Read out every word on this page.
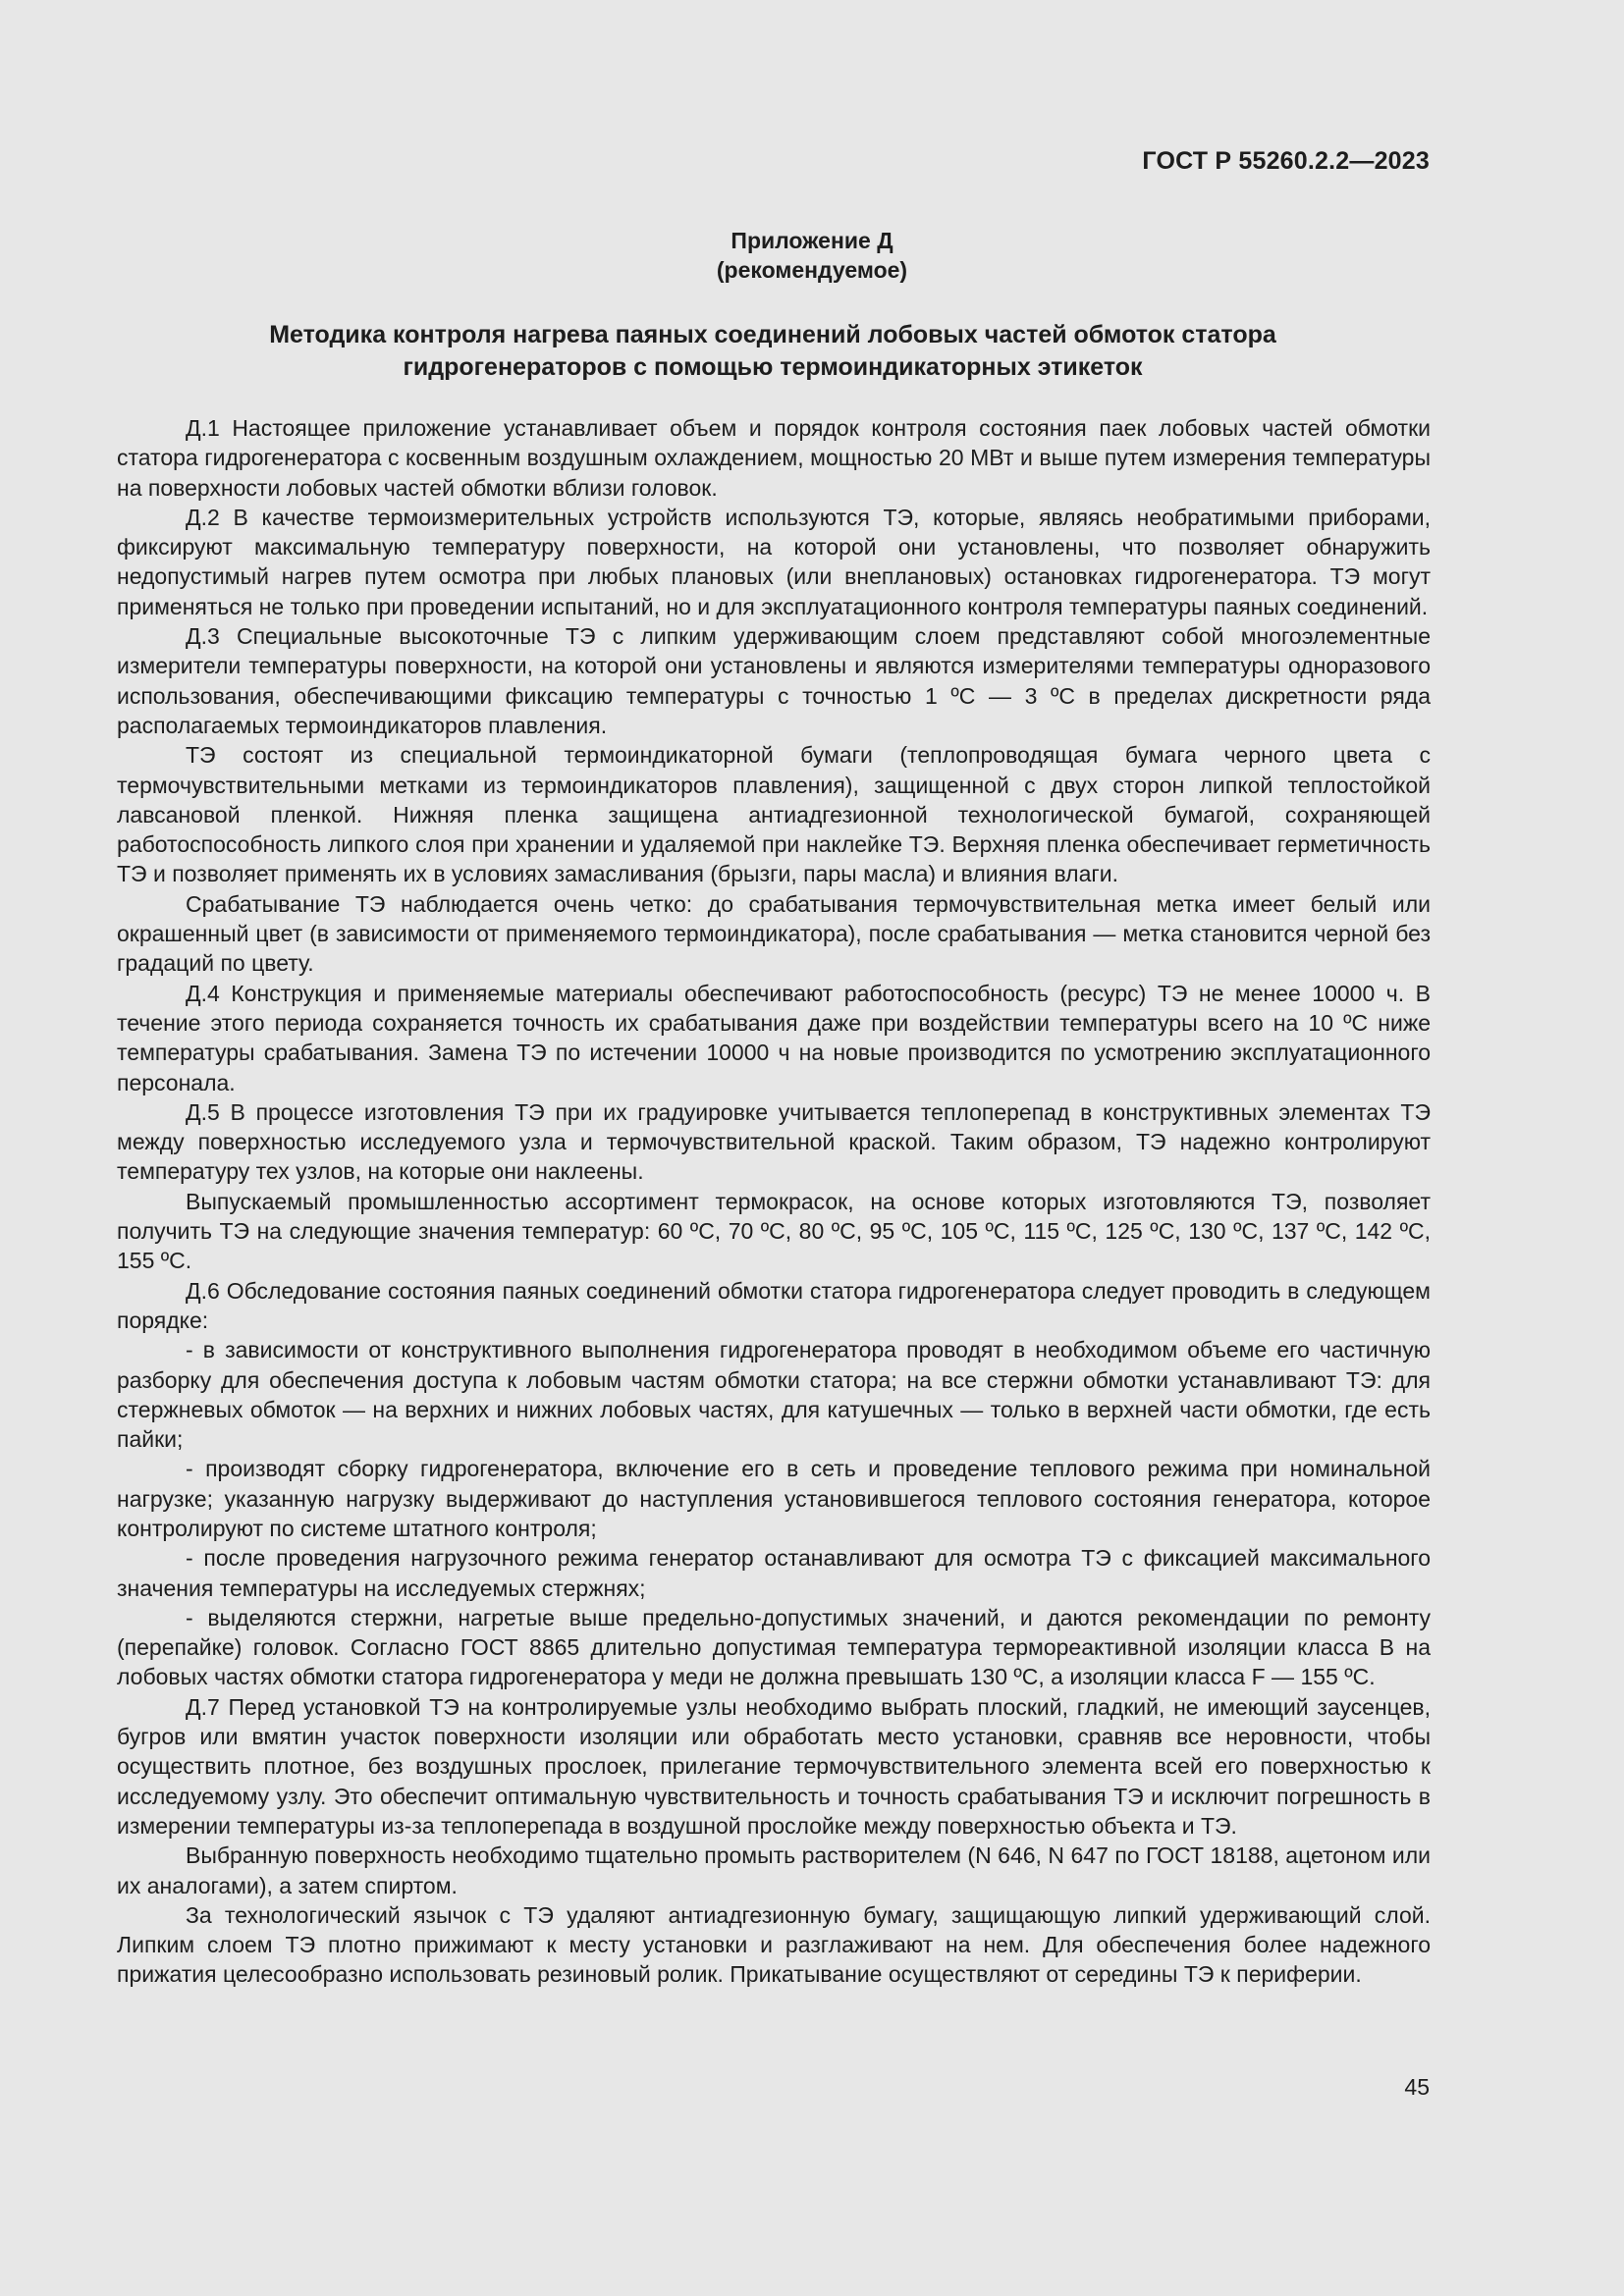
ГОСТ Р 55260.2.2—2023
Приложение Д
(рекомендуемое)
Методика контроля нагрева паяных соединений лобовых частей обмоток статора
гидрогенераторов с помощью термоиндикаторных этикеток

Д.1 Настоящее приложение устанавливает объем и порядок контроля состояния паек лобовых частей обмотки статора гидрогенератора с косвенным воздушным охлаждением, мощностью 20 МВт и выше путем измерения температуры на поверхности лобовых частей обмотки вблизи головок.

Д.2 В качестве термоизмерительных устройств используются ТЭ, которые, являясь необратимыми приборами, фиксируют максимальную температуру поверхности, на которой они установлены, что позволяет обнаружить недопустимый нагрев путем осмотра при любых плановых (или внеплановых) остановках гидрогенератора. ТЭ могут применяться не только при проведении испытаний, но и для эксплуатационного контроля температуры паяных соединений.

Д.3 Специальные высокоточные ТЭ с липким удерживающим слоем представляют собой многоэлементные измерители температуры поверхности, на которой они установлены и являются измерителями температуры одноразового использования, обеспечивающими фиксацию температуры с точностью 1 ºС — 3 ºС в пределах дискретности ряда располагаемых термоиндикаторов плавления.

ТЭ состоят из специальной термоиндикаторной бумаги (теплопроводящая бумага черного цвета с термочувствительными метками из термоиндикаторов плавления), защищенной с двух сторон липкой теплостойкой лавсановой пленкой. Нижняя пленка защищена антиадгезионной технологической бумагой, сохраняющей работоспособность липкого слоя при хранении и удаляемой при наклейке ТЭ. Верхняя пленка обеспечивает герметичность ТЭ и позволяет применять их в условиях замасливания (брызги, пары масла) и влияния влаги.

Срабатывание ТЭ наблюдается очень четко: до срабатывания термочувствительная метка имеет белый или окрашенный цвет (в зависимости от применяемого термоиндикатора), после срабатывания — метка становится черной без градаций по цвету.

Д.4 Конструкция и применяемые материалы обеспечивают работоспособность (ресурс) ТЭ не менее 10000 ч. В течение этого периода сохраняется точность их срабатывания даже при воздействии температуры всего на 10 ºС ниже температуры срабатывания. Замена ТЭ по истечении 10000 ч на новые производится по усмотрению эксплуатационного персонала.

Д.5 В процессе изготовления ТЭ при их градуировке учитывается теплоперепад в конструктивных элементах ТЭ между поверхностью исследуемого узла и термочувствительной краской. Таким образом, ТЭ надежно контролируют температуру тех узлов, на которые они наклеены.

Выпускаемый промышленностью ассортимент термокрасок, на основе которых изготовляются ТЭ, позволяет получить ТЭ на следующие значения температур: 60 ºС, 70 ºС, 80 ºС, 95 ºС, 105 ºС, 115 ºС, 125 ºС, 130 ºС, 137 ºС, 142 ºС, 155 ºС.

Д.6 Обследование состояния паяных соединений обмотки статора гидрогенератора следует проводить в следующем порядке:

- в зависимости от конструктивного выполнения гидрогенератора проводят в необходимом объеме его частичную разборку для обеспечения доступа к лобовым частям обмотки статора; на все стержни обмотки устанавливают ТЭ: для стержневых обмоток — на верхних и нижних лобовых частях, для катушечных — только в верхней части обмотки, где есть пайки;

- производят сборку гидрогенератора, включение его в сеть и проведение теплового режима при номинальной нагрузке; указанную нагрузку выдерживают до наступления установившегося теплового состояния генератора, которое контролируют по системе штатного контроля;

- после проведения нагрузочного режима генератор останавливают для осмотра ТЭ с фиксацией максимального значения температуры на исследуемых стержнях;

- выделяются стержни, нагретые выше предельно-допустимых значений, и даются рекомендации по ремонту (перепайке) головок. Согласно ГОСТ 8865 длительно допустимая температура термореактивной изоляции класса В на лобовых частях обмотки статора гидрогенератора у меди не должна превышать 130 ºС, а изоляции класса F — 155 ºС.

Д.7 Перед установкой ТЭ на контролируемые узлы необходимо выбрать плоский, гладкий, не имеющий заусенцев, бугров или вмятин участок поверхности изоляции или обработать место установки, сравняв все неровности, чтобы осуществить плотное, без воздушных прослоек, прилегание термочувствительного элемента всей его поверхностью к исследуемому узлу. Это обеспечит оптимальную чувствительность и точность срабатывания ТЭ и исключит погрешность в измерении температуры из-за теплоперепада в воздушной прослойке между поверхностью объекта и ТЭ.

Выбранную поверхность необходимо тщательно промыть растворителем (N 646, N 647 по ГОСТ 18188, ацетоном или их аналогами), а затем спиртом.

За технологический язычок с ТЭ удаляют антиадгезионную бумагу, защищающую липкий удерживающий слой. Липким слоем ТЭ плотно прижимают к месту установки и разглаживают на нем. Для обеспечения более надежного прижатия целесообразно использовать резиновый ролик. Прикатывание осуществляют от середины ТЭ к периферии.

45
